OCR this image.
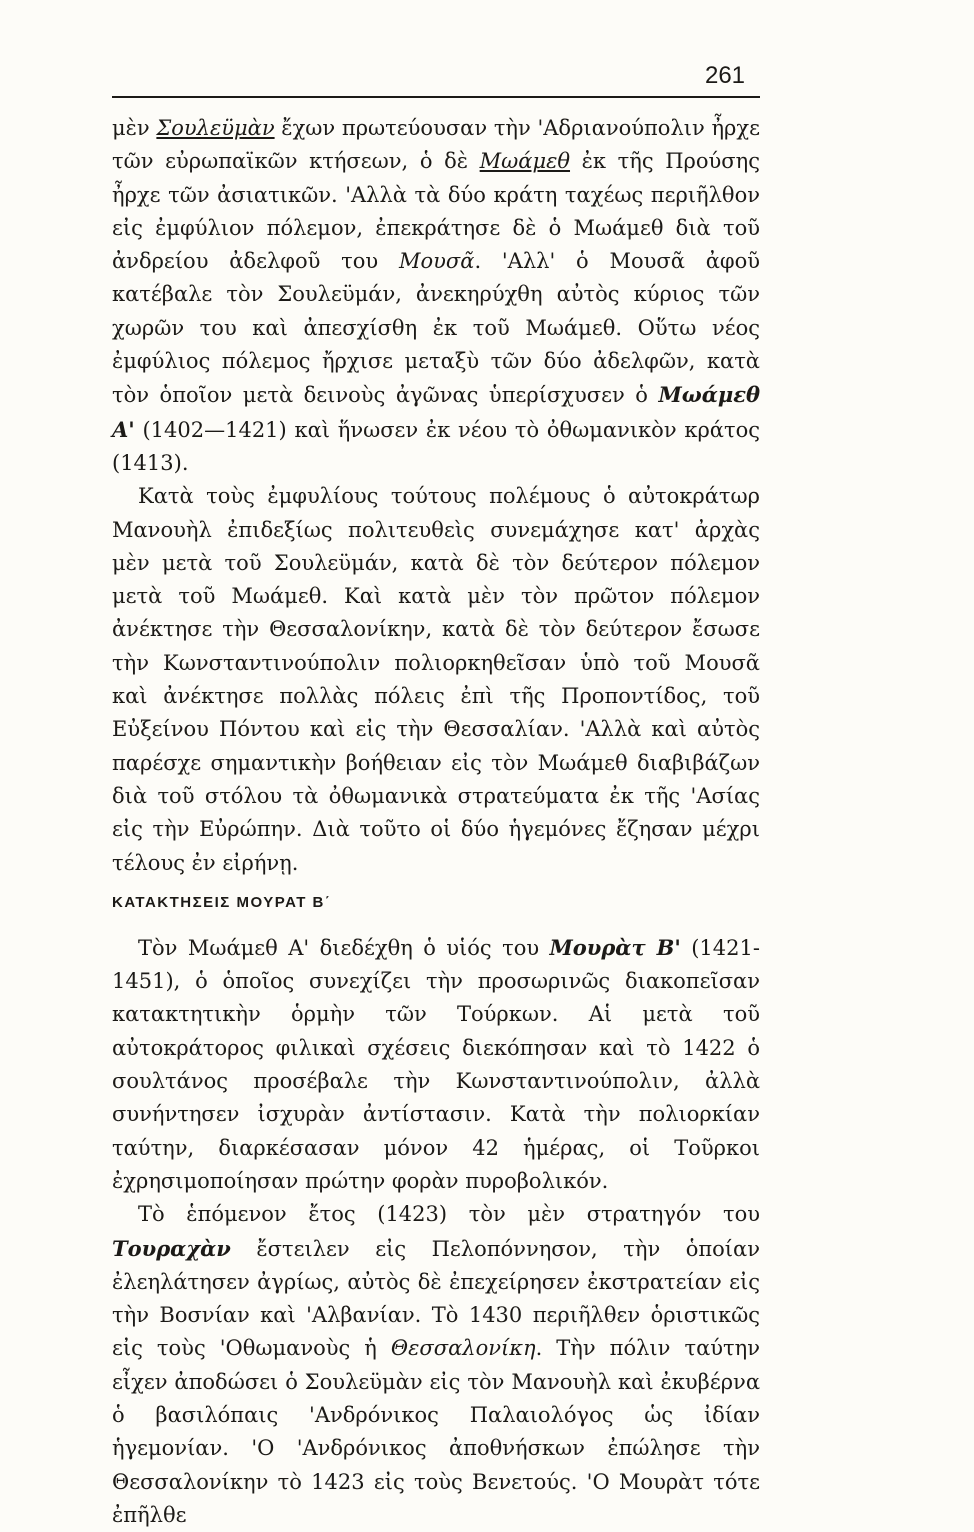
261

μὲν Σουλεϋμὰν ἔχων πρωτεύουσαν τὴν 'Αδριανούπολιν ἦρχε τῶν εὐρωπαϊκῶν κτήσεων, ὁ δὲ Μωάμεθ ἐκ τῆς Προύσης ἦρχε τῶν ἀσιατικῶν. 'Αλλὰ τὰ δύο κράτη ταχέως περιῆλθον εἰς ἐμφύλιον πόλεμον, ἐπεκράτησε δὲ ὁ Μωάμεθ διὰ τοῦ ἀνδρείου ἀδελφοῦ του Μουσᾶ. 'Αλλ' ὁ Μουσᾶ ἀφοῦ κατέβαλε τὸν Σουλεϋμάν, ἀνεκηρύχθη αὐτὸς κύριος τῶν χωρῶν του καὶ ἀπεσχίσθη ἐκ τοῦ Μωάμεθ. Οὕτω νέος ἐμφύλιος πόλεμος ἤρχισε μεταξὺ τῶν δύο ἀδελφῶν, κατὰ τὸν ὁποῖον μετὰ δεινοὺς ἀγῶνας ὑπερίσχυσεν ὁ Μωάμεθ Α' (1402—1421) καὶ ἥνωσεν ἐκ νέου τὸ ὀθωμανικὸν κράτος (1413).

Κατὰ τοὺς ἐμφυλίους τούτους πολέμους ὁ αὐτοκράτωρ Μανουὴλ ἐπιδεξίως πολιτευθεὶς συνεμάχησε κατ' ἀρχὰς μὲν μετὰ τοῦ Σουλεϋμάν, κατὰ δὲ τὸν δεύτερον πόλεμον μετὰ τοῦ Μωάμεθ. Καὶ κατὰ μὲν τὸν πρῶτον πόλεμον ἀνέκτησε τὴν Θεσσαλονίκην, κατὰ δὲ τὸν δεύτερον ἔσωσε τὴν Κωνσταντινούπολιν πολιορκηθεῖσαν ὑπὸ τοῦ Μουσᾶ καὶ ἀνέκτησε πολλὰς πόλεις ἐπὶ τῆς Προποντίδος, τοῦ Εὐξείνου Πόντου καὶ εἰς τὴν Θεσσαλίαν. 'Αλλὰ καὶ αὐτὸς παρέσχε σημαντικὴν βοήθειαν εἰς τὸν Μωάμεθ διαβιβάζων διὰ τοῦ στόλου τὰ ὀθωμανικὰ στρατεύματα ἐκ τῆς 'Ασίας εἰς τὴν Εὐρώπην. Διὰ τοῦτο οἱ δύο ἡγεμόνες ἔζησαν μέχρι τέλους ἐν εἰρήνῃ.

ΚΑΤΑΚΤΗΣΕΙΣ ΜΟΥΡΑΤ Β΄

Τὸν Μωάμεθ Α' διεδέχθη ὁ υἱός του Μουρὰτ Β' (1421-1451), ὁ ὁποῖος συνεχίζει τὴν προσωρινῶς διακοπεῖσαν κατακτητικὴν ὁρμὴν τῶν Τούρκων. Αἱ μετὰ τοῦ αὐτοκράτορος φιλικαὶ σχέσεις διεκόπησαν καὶ τὸ 1422 ὁ σουλτάνος προσέβαλε τὴν Κωνσταντινούπολιν, ἀλλὰ συνήντησεν ἰσχυρὰν ἀντίστασιν. Κατὰ τὴν πολιορκίαν ταύτην, διαρκέσασαν μόνον 42 ἡμέρας, οἱ Τοῦρκοι ἐχρησιμοποίησαν πρώτην φορὰν πυροβολικόν.

Τὸ ἑπόμενον ἔτος (1423) τὸν μὲν στρατηγόν του Τουραχὰν ἔστειλεν εἰς Πελοπόννησον, τὴν ὁποίαν ἐλεηλάτησεν ἀγρίως, αὐτὸς δὲ ἐπεχείρησεν ἐκστρατείαν εἰς τὴν Βοσνίαν καὶ 'Αλβανίαν. Τὸ 1430 περιῆλθεν ὁριστικῶς εἰς τοὺς 'Οθωμανοὺς ἡ Θεσσαλονίκη. Τὴν πόλιν ταύτην εἶχεν ἀποδώσει ὁ Σουλεϋμὰν εἰς τὸν Μανουὴλ καὶ ἐκυβέρνα ὁ βασιλόπαις 'Ανδρόνικος Παλαιολόγος ὡς ἰδίαν ἡγεμονίαν. 'Ο 'Ανδρόνικος ἀποθνήσκων ἐπώλησε τὴν Θεσσαλονίκην τὸ 1423 εἰς τοὺς Βενετούς. 'Ο Μουρὰτ τότε ἐπῆλθε
